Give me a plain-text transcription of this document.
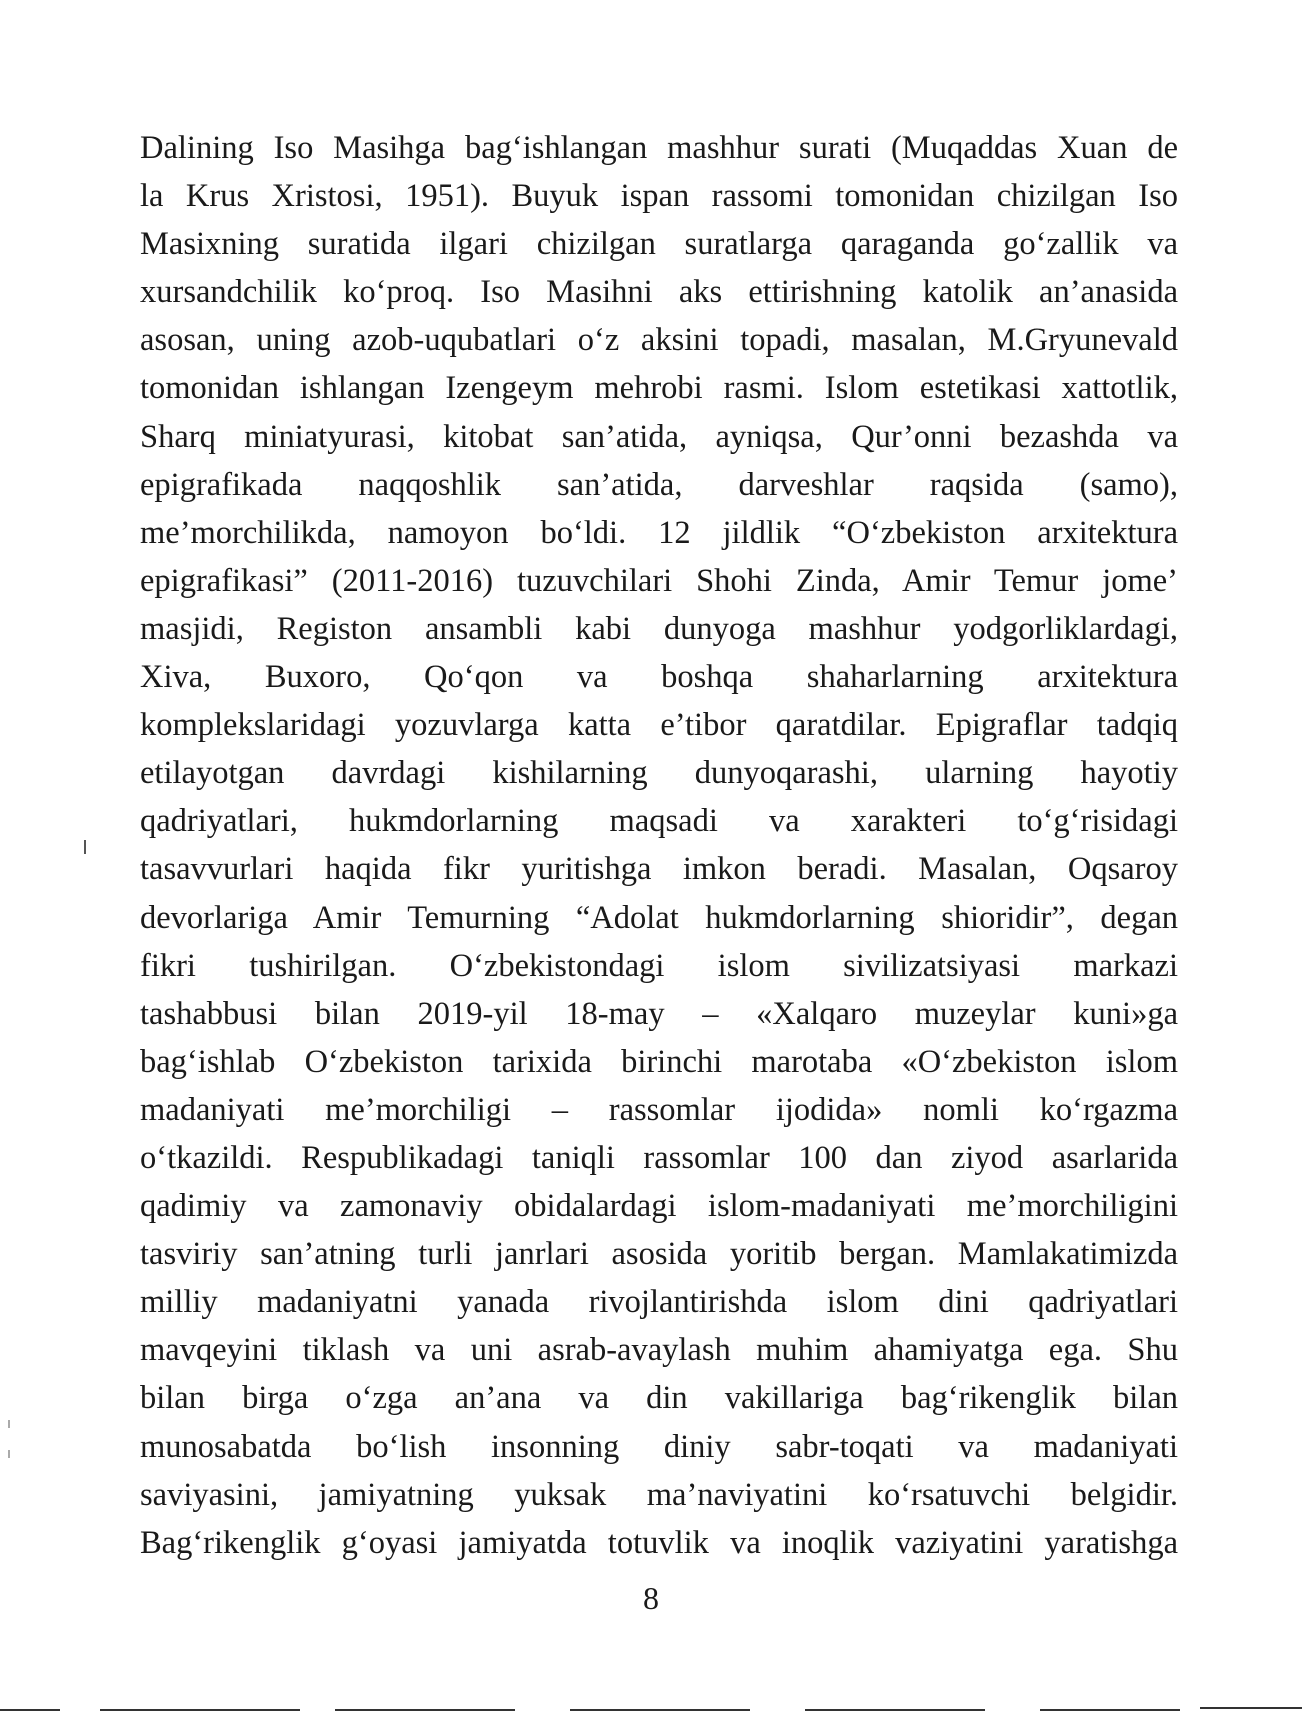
Dalining Iso Masihga bag‘ishlangan mashhur surati (Muqaddas Xuan de
la Krus Xristosi, 1951). Buyuk ispan rassomi tomonidan chizilgan Iso
Masixning suratida ilgari chizilgan suratlarga qaraganda go‘zallik va
xursandchilik ko‘proq. Iso Masihni aks ettirishning katolik an’anasida
asosan, uning azob-uqubatlari o‘z aksini topadi, masalan, M.Gryunevald
tomonidan ishlangan Izengeym mehrobi rasmi. Islom estetikasi xattotlik,
Sharq miniatyurasi, kitobat san’atida, ayniqsa, Qur’onni bezashda va
epigrafikada naqqoshlik san’atida, darveshlar raqsida (samo),
me’morchilikda, namoyon bo‘ldi. 12 jildlik “O‘zbekiston arxitektura
epigrafikasi” (2011-2016) tuzuvchilari Shohi Zinda, Amir Temur jome’
masjidi, Registon ansambli kabi dunyoga mashhur yodgorliklardagi,
Xiva, Buxoro, Qo‘qon va boshqa shaharlarning arxitektura
komplekslaridagi yozuvlarga katta e’tibor qaratdilar. Epigraflar tadqiq
etilayotgan davrdagi kishilarning dunyoqarashi, ularning hayotiy
qadriyatlari, hukmdorlarning maqsadi va xarakteri to‘g‘risidagi
tasavvurlari haqida fikr yuritishga imkon beradi. Masalan, Oqsaroy
devorlariga Amir Temurning “Adolat hukmdorlarning shioridir”, degan
fikri tushirilgan. O‘zbekistondagi islom sivilizatsiyasi markazi
tashabbusi bilan 2019-yil 18-may – «Xalqaro muzeylar kuni»ga
bag‘ishlab O‘zbekiston tarixida birinchi marotaba «O‘zbekiston islom
madaniyati me’morchiligi – rassomlar ijodida» nomli ko‘rgazma
o‘tkazildi. Respublikadagi taniqli rassomlar 100 dan ziyod asarlarida
qadimiy va zamonaviy obidalardagi islom-madaniyati me’morchiligini
tasviriy san’atning turli janrlari asosida yoritib bergan. Mamlakatimizda
milliy madaniyatni yanada rivojlantirishda islom dini qadriyatlari
mavqeyini tiklash va uni asrab-avaylash muhim ahamiyatga ega. Shu
bilan birga o‘zga an’ana va din vakillariga bag‘rikenglik bilan
munosabatda bo‘lish insonning diniy sabr-toqati va madaniyati
saviyasini, jamiyatning yuksak ma’naviyatini ko‘rsatuvchi belgidir.
Bag‘rikenglik g‘oyasi jamiyatda totuvlik va inoqlik vaziyatini yaratishga
8
